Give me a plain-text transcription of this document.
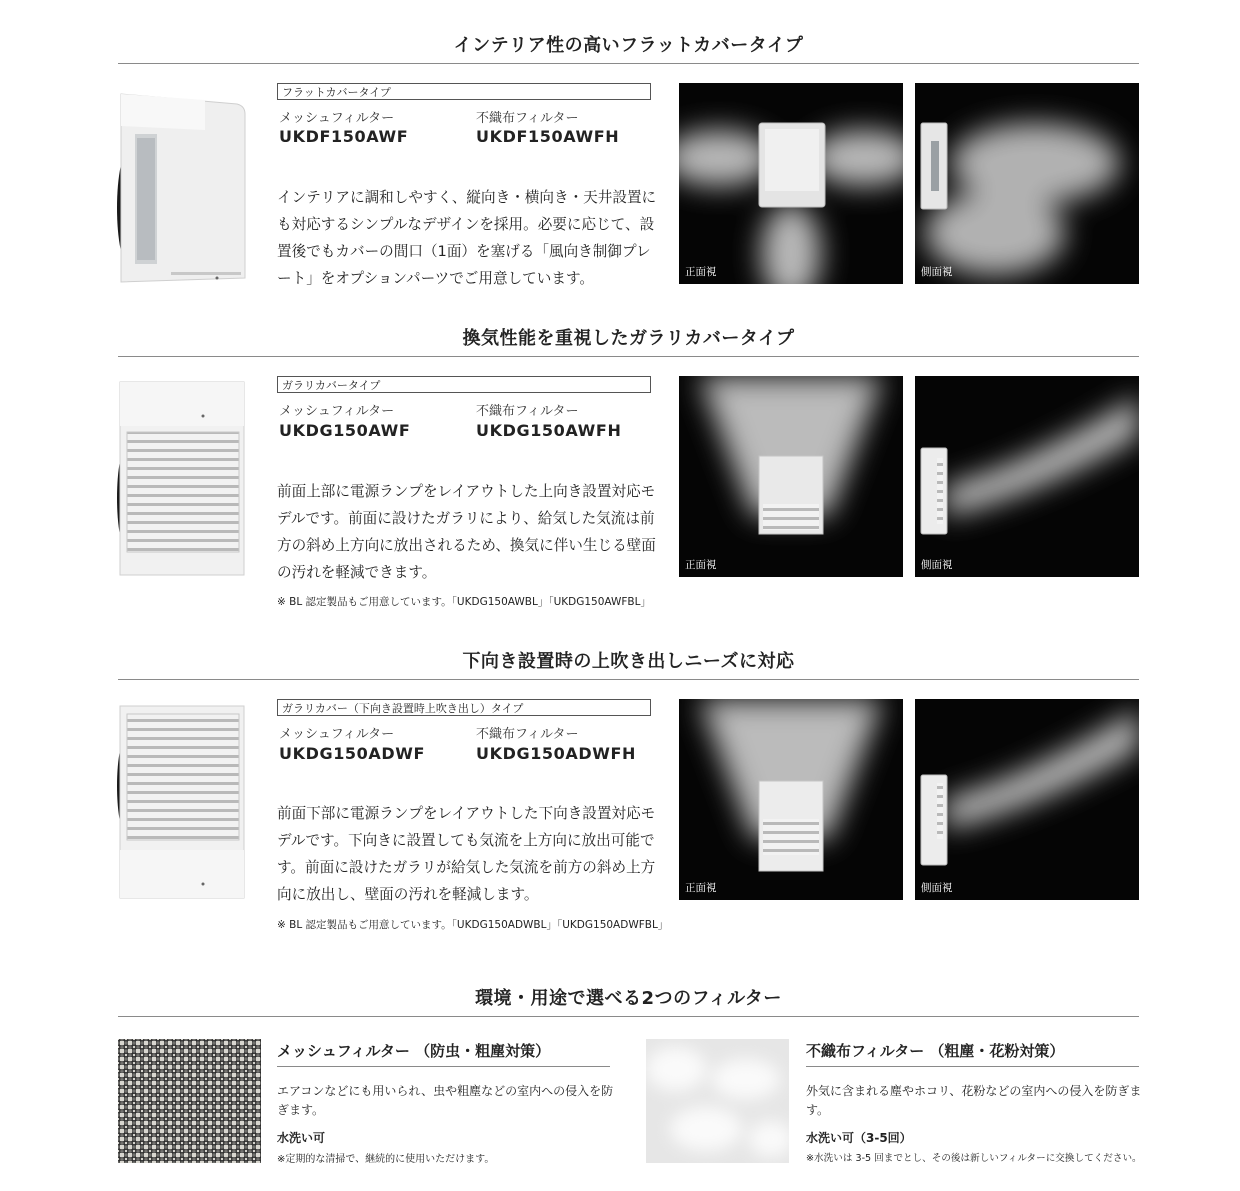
インテリア性の高いフラットカバータイプ
フラットカバータイプ
メッシュフィルター	不織布フィルター
UKDF150AWF	UKDF150AWFH
インテリアに調和しやすく、縦向き・横向き・天井設置にも対応するシンプルなデザインを採用。必要に応じて、設置後でもカバーの間口（1面）を塞げる「風向き制御プレート」をオプションパーツでご用意しています。	正面視	側面視
換気性能を重視したガラリカバータイプ
ガラリカバータイプ
メッシュフィルター	不織布フィルター
UKDG150AWF	UKDG150AWFH
前面上部に電源ランプをレイアウトした上向き設置対応モデルです。前面に設けたガラリにより、給気した気流は前方の斜め上方向に放出されるため、換気に伴い生じる壁面の汚れを軽減できます。
※ BL 認定製品もご用意しています。「UKDG150AWBL」「UKDG150AWFBL」
正面視	側面視
下向き設置時の上吹き出しニーズに対応
ガラリカバー（下向き設置時上吹き出し）タイプ
メッシュフィルター	不織布フィルター
UKDG150ADWF	UKDG150ADWFH
前面下部に電源ランプをレイアウトした下向き設置対応モデルです。下向きに設置しても気流を上方向に放出可能です。前面に設けたガラリが給気した気流を前方の斜め上方向に放出し、壁面の汚れを軽減します。
※ BL 認定製品もご用意しています。「UKDG150ADWBL」「UKDG150ADWFBL」
正面視	側面視
環境・用途で選べる2つのフィルター
メッシュフィルター （防虫・粗塵対策）
エアコンなどにも用いられ、虫や粗塵などの室内への侵入を防ぎます。
水洗い可
※定期的な清掃で、継続的に使用いただけます。
不織布フィルター （粗塵・花粉対策）
外気に含まれる塵やホコリ、花粉などの室内への侵入を防ぎます。
水洗い可（3-5回）
※水洗いは 3-5 回までとし、その後は新しいフィルターに交換してください。
